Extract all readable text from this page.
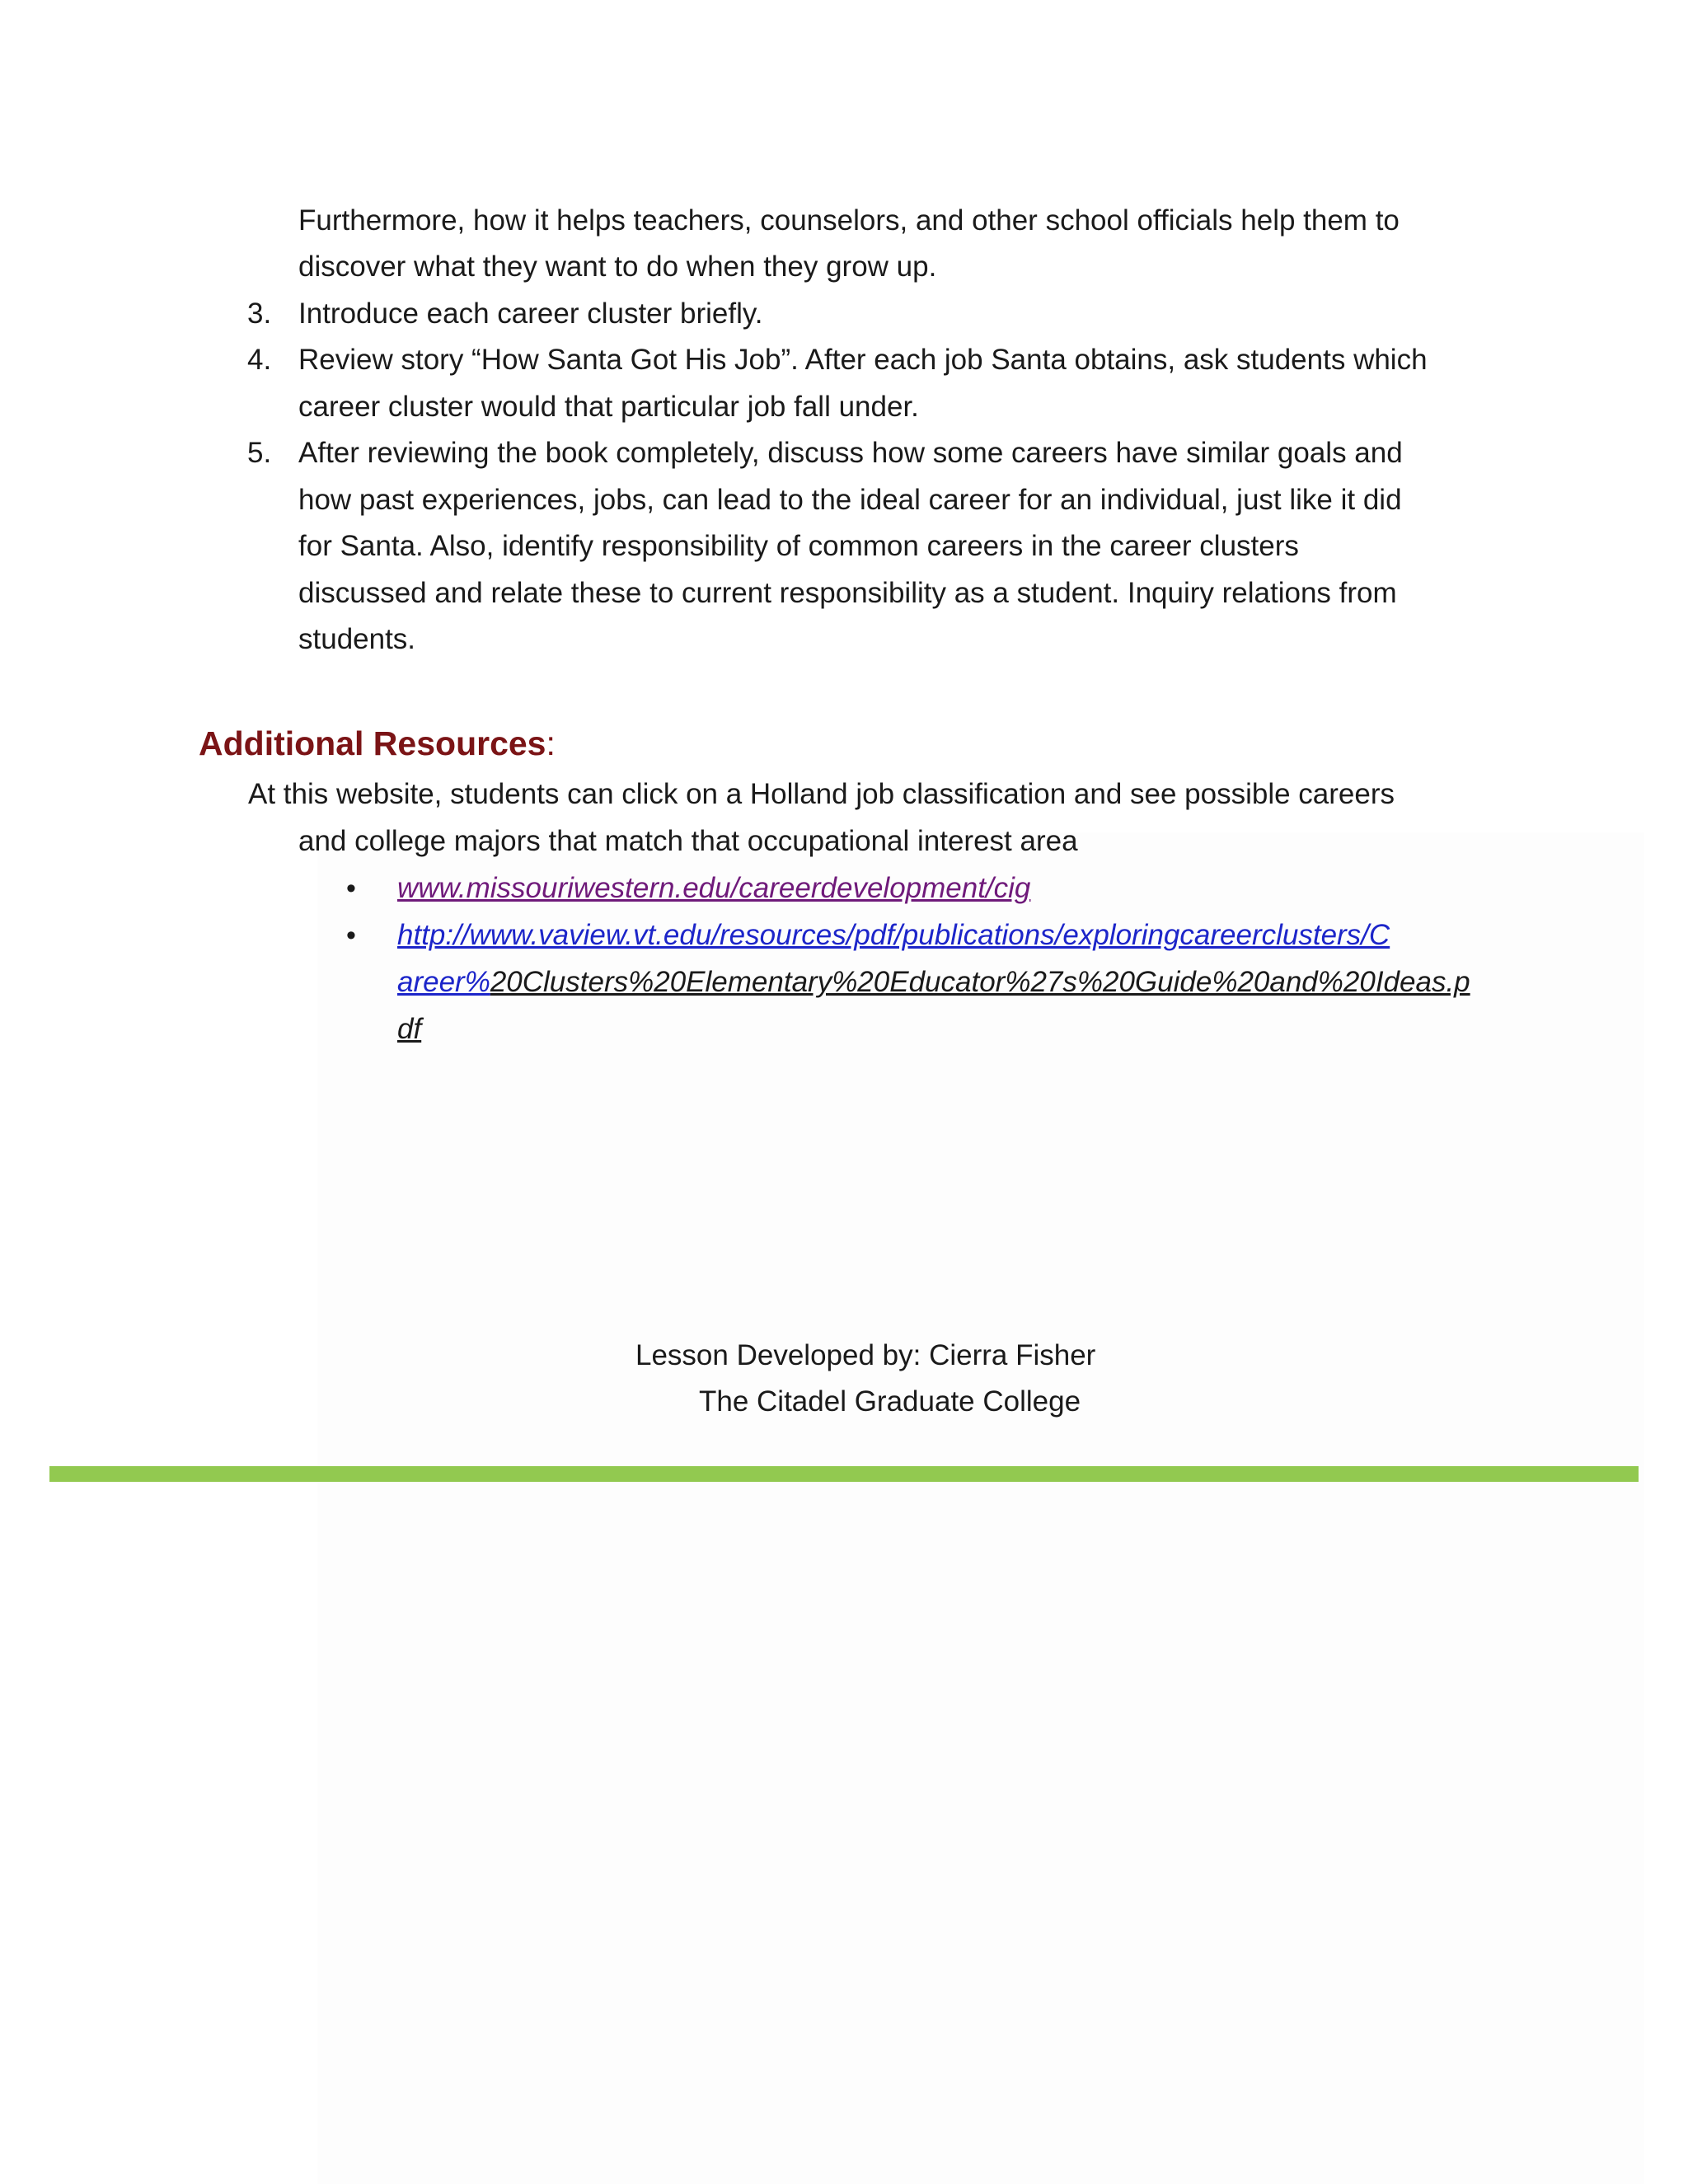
Furthermore, how it helps teachers, counselors, and other school officials help them to
discover what they want to do when they grow up.
3. Introduce each career cluster briefly.
4. Review story “How Santa Got His Job”. After each job Santa obtains, ask students which
career cluster would that particular job fall under.
5. After reviewing the book completely, discuss how some careers have similar goals and
how past experiences, jobs, can lead to the ideal career for an individual, just like it did
for Santa. Also, identify responsibility of common careers in the career clusters
discussed and relate these to current responsibility as a student. Inquiry relations from
students.
Additional Resources:
At this website, students can click on a Holland job classification and see possible careers
and college majors that match that occupational interest area
• www.missouriwestern.edu/careerdevelopment/cig
• http://www.vaview.vt.edu/resources/pdf/publications/exploringcareerclusters/C
areer%20Clusters%20Elementary%20Educator%27s%20Guide%20and%20Ideas.p
df
Lesson Developed by: Cierra Fisher
The Citadel Graduate College
